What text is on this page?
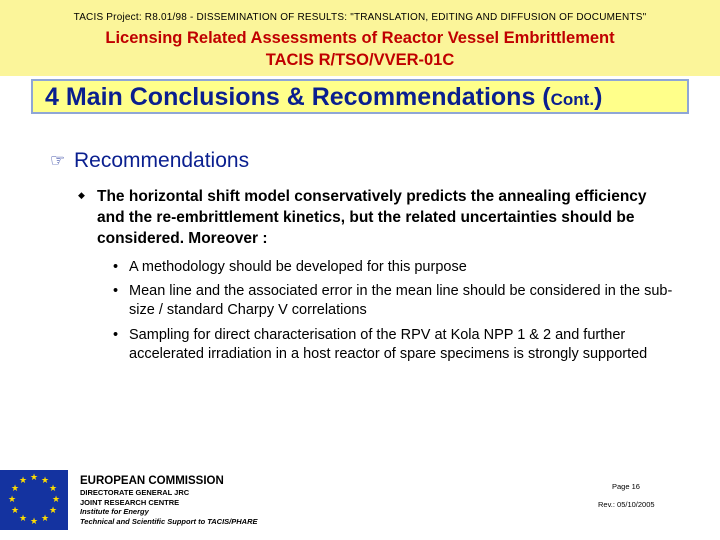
TACIS Project: R8.01/98 - DISSEMINATION OF RESULTS: "TRANSLATION, EDITING AND DIFFUSION OF DOCUMENTS"
Licensing Related Assessments of Reactor Vessel Embrittlement
TACIS R/TSO/VVER-01C
4 Main Conclusions & Recommendations (Cont.)
☞ Recommendations
◆ The horizontal shift model conservatively predicts the annealing efficiency and the re-embrittlement kinetics, but the related uncertainties should be considered. Moreover :
• A methodology should be developed for this purpose
• Mean line and the associated error in the mean line should be considered in the sub-size / standard Charpy V correlations
• Sampling for direct characterisation of the RPV at Kola NPP 1 & 2 and further accelerated irradiation in a host reactor of spare specimens is strongly supported
★ ★
★
★
★
★
★
★
★
★
★
★	EUROPEAN COMMISSION
DIRECTORATE GENERAL JRC
JOINT RESEARCH CENTRE
Institute for Energy
Technical and Scientific Support to TACIS/PHARE
Page 16
Rev.: 05/10/2005
